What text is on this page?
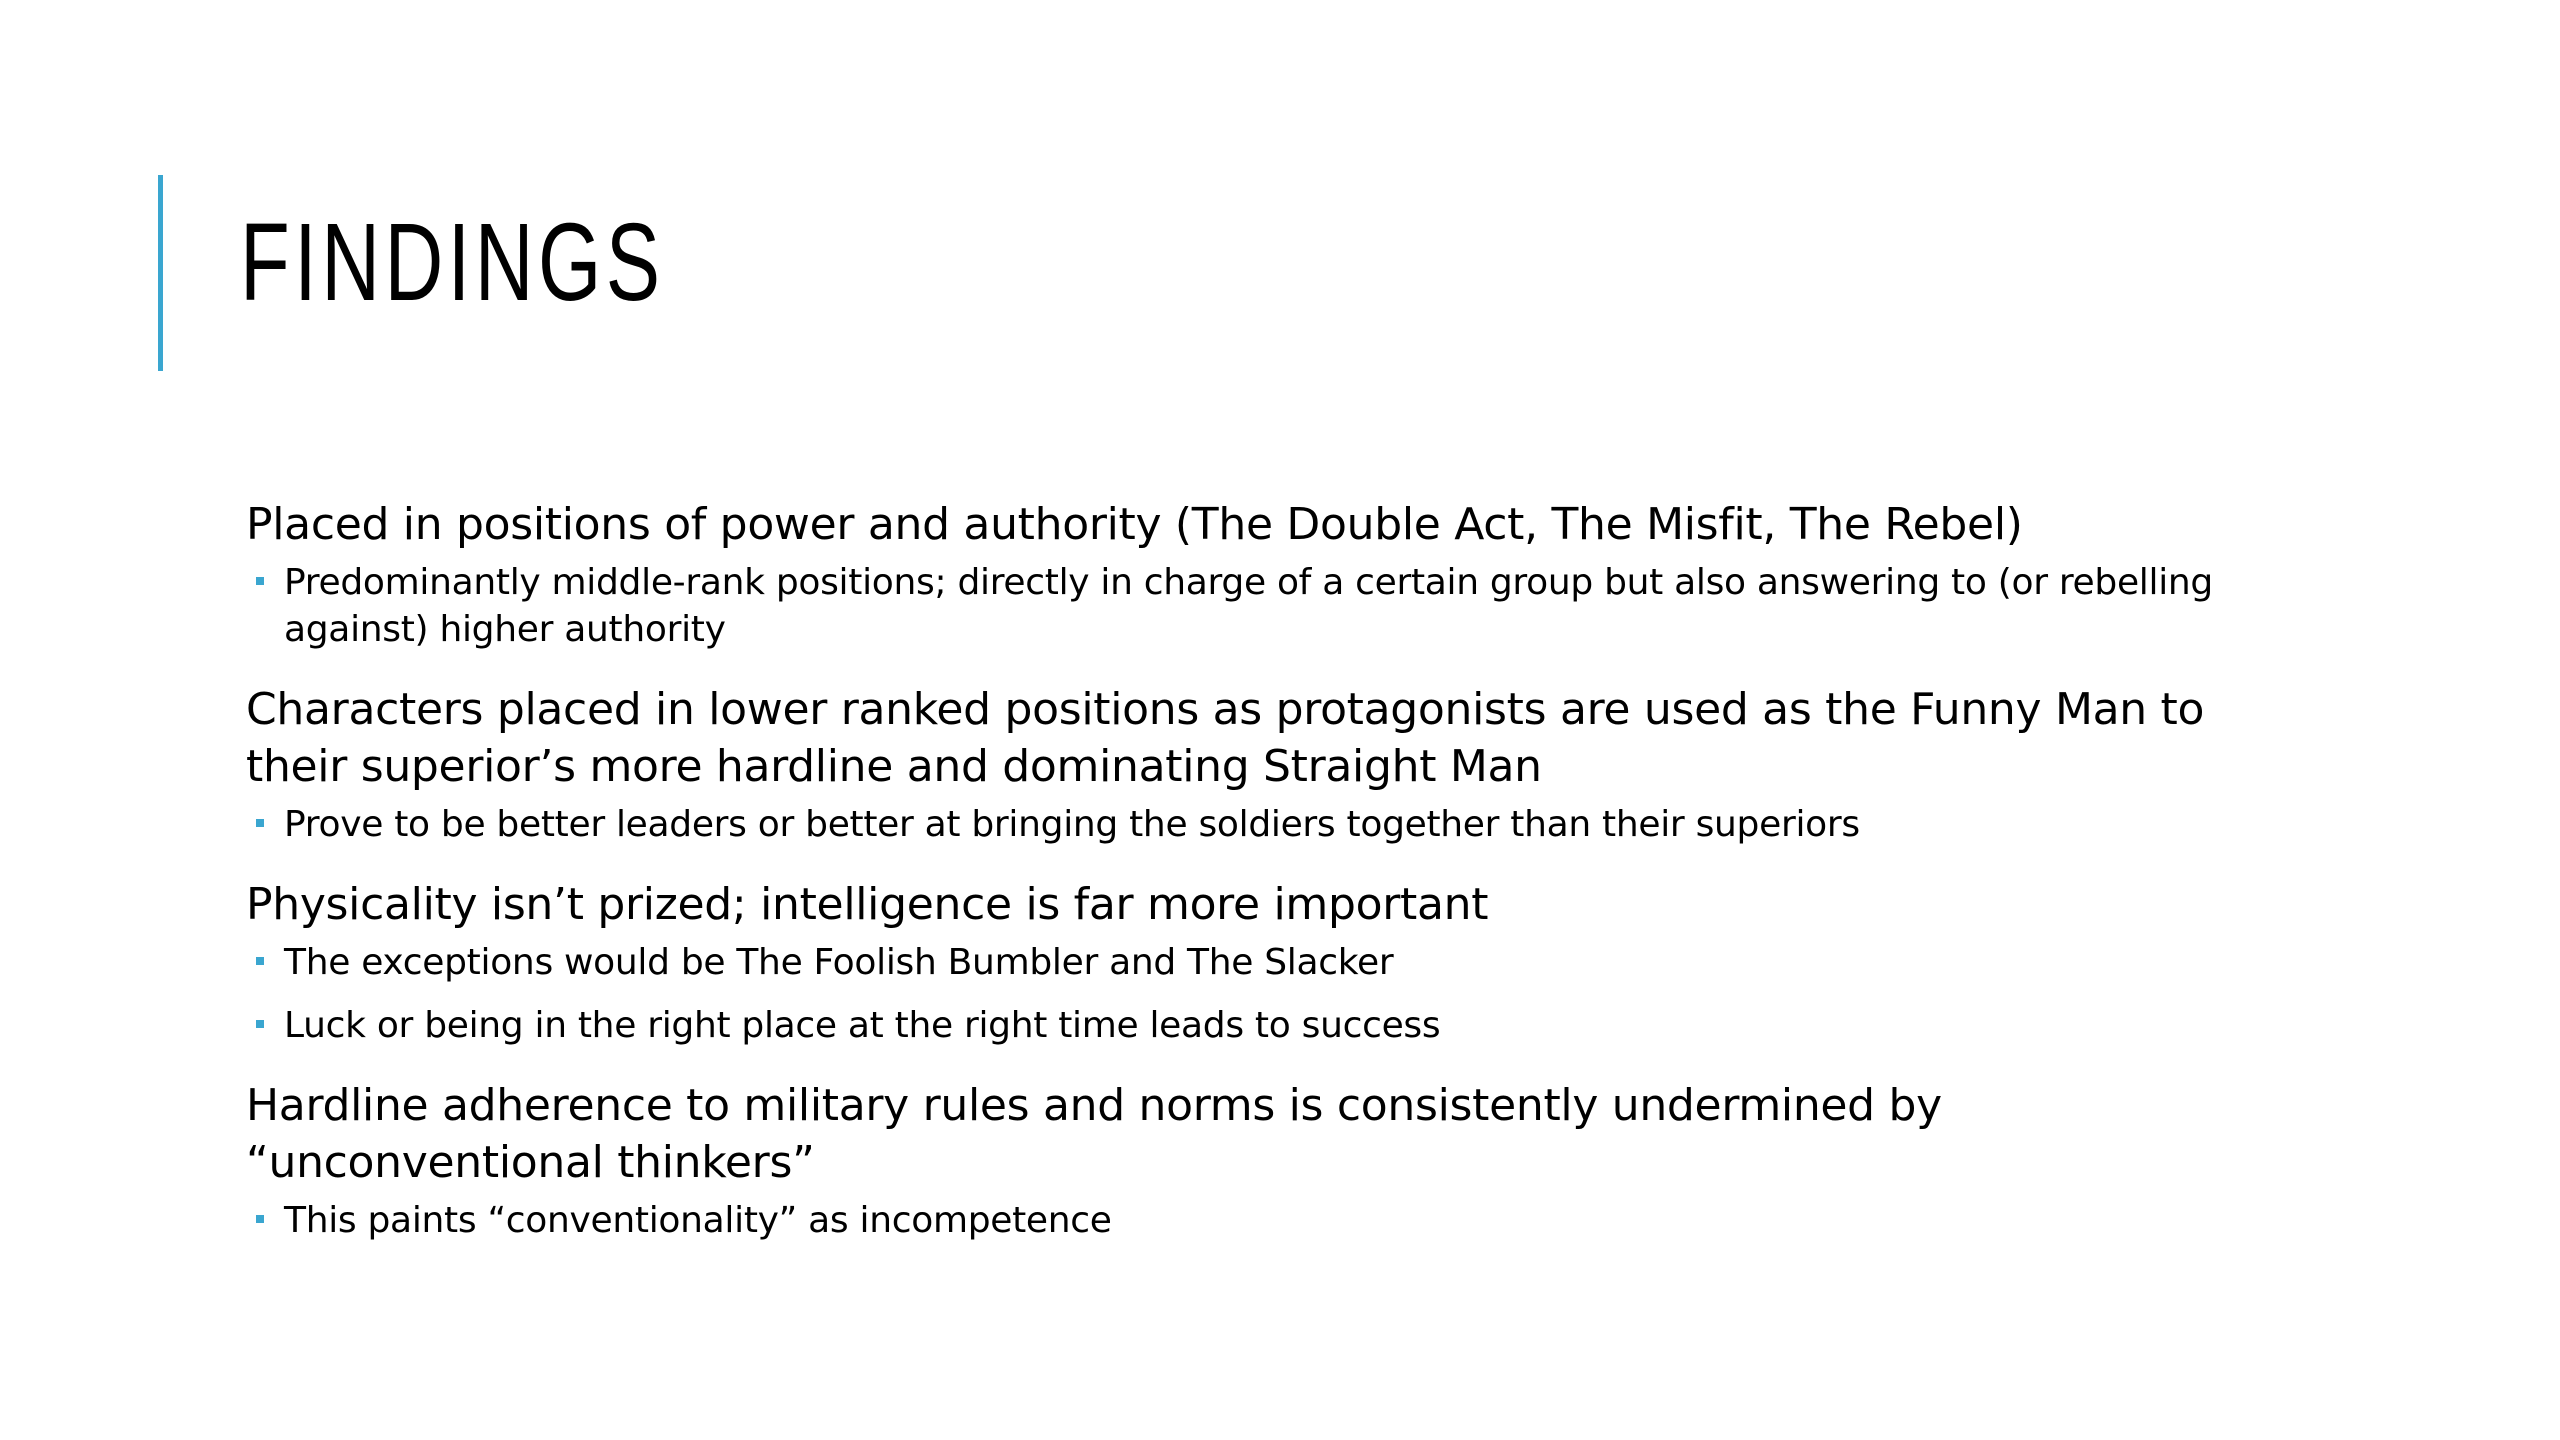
FINDINGS

Placed in positions of power and authority (The Double Act, The Misfit, The Rebel)

Predominantly middle-rank positions; directly in charge of a certain group but also answering to (or rebelling against) higher authority

Characters placed in lower ranked positions as protagonists are used as the Funny Man to their superior’s more hardline and dominating Straight Man

Prove to be better leaders or better at bringing the soldiers together than their superiors

Physicality isn’t prized; intelligence is far more important

The exceptions would be The Foolish Bumbler and The Slacker
Luck or being in the right place at the right time leads to success

Hardline adherence to military rules and norms is consistently undermined by “unconventional thinkers”

This paints “conventionality” as incompetence
